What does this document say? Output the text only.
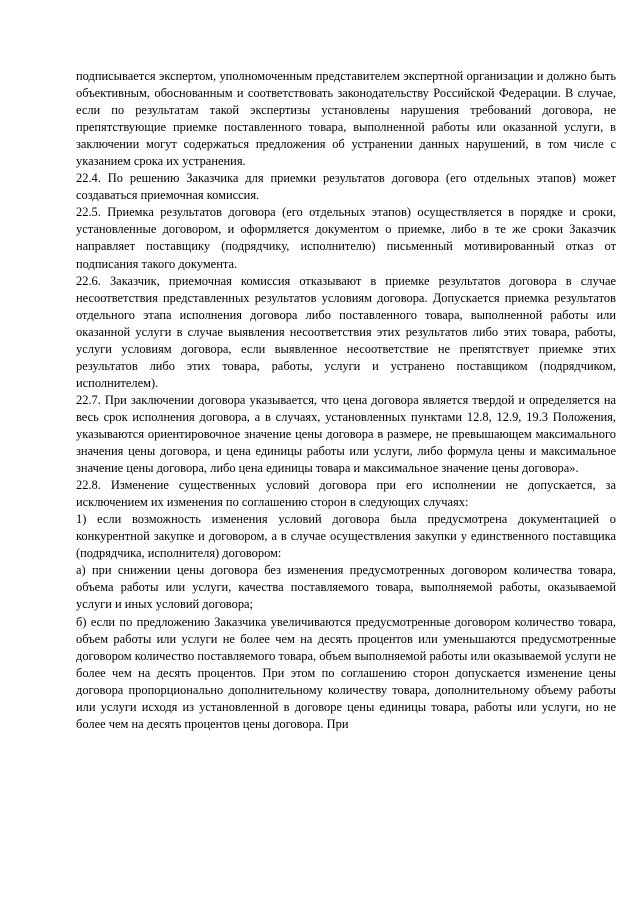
подписывается экспертом, уполномоченным представителем экспертной организации и должно быть объективным, обоснованным и соответствовать законодательству Российской Федерации. В случае, если по результатам такой экспертизы установлены нарушения требований договора, не препятствующие приемке поставленного товара, выполненной работы или оказанной услуги, в заключении могут содержаться предложения об устранении данных нарушений, в том числе с указанием срока их устранения.

22.4. По решению Заказчика для приемки результатов договора (его отдельных этапов) может создаваться приемочная комиссия.

22.5. Приемка результатов договора (его отдельных этапов) осуществляется в порядке и сроки, установленные договором, и оформляется документом о приемке, либо в те же сроки Заказчик направляет поставщику (подрядчику, исполнителю) письменный мотивированный отказ от подписания такого документа.

22.6. Заказчик, приемочная комиссия отказывают в приемке результатов договора в случае несоответствия представленных результатов условиям договора. Допускается приемка результатов отдельного этапа исполнения договора либо поставленного товара, выполненной работы или оказанной услуги в случае выявления несоответствия этих результатов либо этих товара, работы, услуги условиям договора, если выявленное несоответствие не препятствует приемке этих результатов либо этих товара, работы, услуги и устранено поставщиком (подрядчиком, исполнителем).

22.7. При заключении договора указывается, что цена договора является твердой и определяется на весь срок исполнения договора, а в случаях, установленных пунктами 12.8, 12.9, 19.3 Положения, указываются ориентировочное значение цены договора в размере, не превышающем максимального значения цены договора, и цена единицы работы или услуги, либо формула цены и максимальное значение цены договора, либо цена единицы товара и максимальное значение цены договора».

22.8. Изменение существенных условий договора при его исполнении не допускается, за исключением их изменения по соглашению сторон в следующих случаях:

1) если возможность изменения условий договора была предусмотрена документацией о конкурентной закупке и договором, а в случае осуществления закупки у единственного поставщика (подрядчика, исполнителя) договором:

а) при снижении цены договора без изменения предусмотренных договором количества товара, объема работы или услуги, качества поставляемого товара, выполняемой работы, оказываемой услуги и иных условий договора;

б) если по предложению Заказчика увеличиваются предусмотренные договором количество товара, объем работы или услуги не более чем на десять процентов или уменьшаются предусмотренные договором количество поставляемого товара, объем выполняемой работы или оказываемой услуги не более чем на десять процентов. При этом по соглашению сторон допускается изменение цены договора пропорционально дополнительному количеству товара, дополнительному объему работы или услуги исходя из установленной в договоре цены единицы товара, работы или услуги, но не более чем на десять процентов цены договора. При
